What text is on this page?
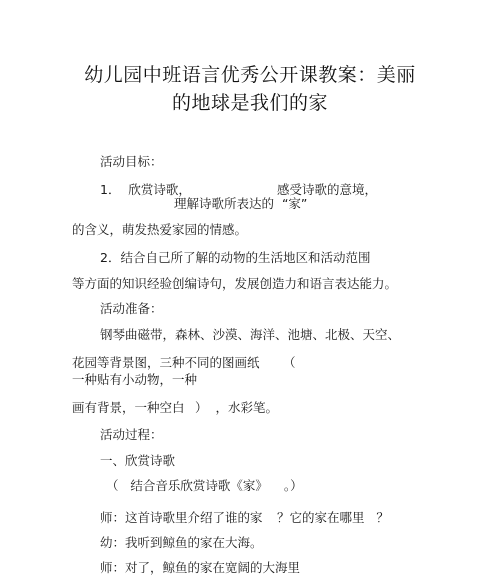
幼儿园中班语言优秀公开课教案：美丽
的地球是我们的家
活动目标：
1．  欣赏诗歌，	感受诗歌的意境，
理解诗歌所表达的  “家”
的含义，萌发热爱家园的情感。
2．结合自己所了解的动物的生活地区和活动范围
等方面的知识经验创编诗句，发展创造力和语言表达能力。
活动准备：
钢琴曲磁带，森林、沙漠、海洋、池塘、北极、天空、
花园等背景图，三种不同的图画纸 （
一种贴有小动物，一种
画有背景，一种空白 ）  ，水彩笔。
活动过程：
一、欣赏诗歌
（   结合音乐欣赏诗歌《家》    。）
师：这首诗歌里介绍了谁的家 ？它的家在哪里   ？
幼：我听到鲸鱼的家在大海。
师：对了，鲸鱼的家在宽阔的大海里
